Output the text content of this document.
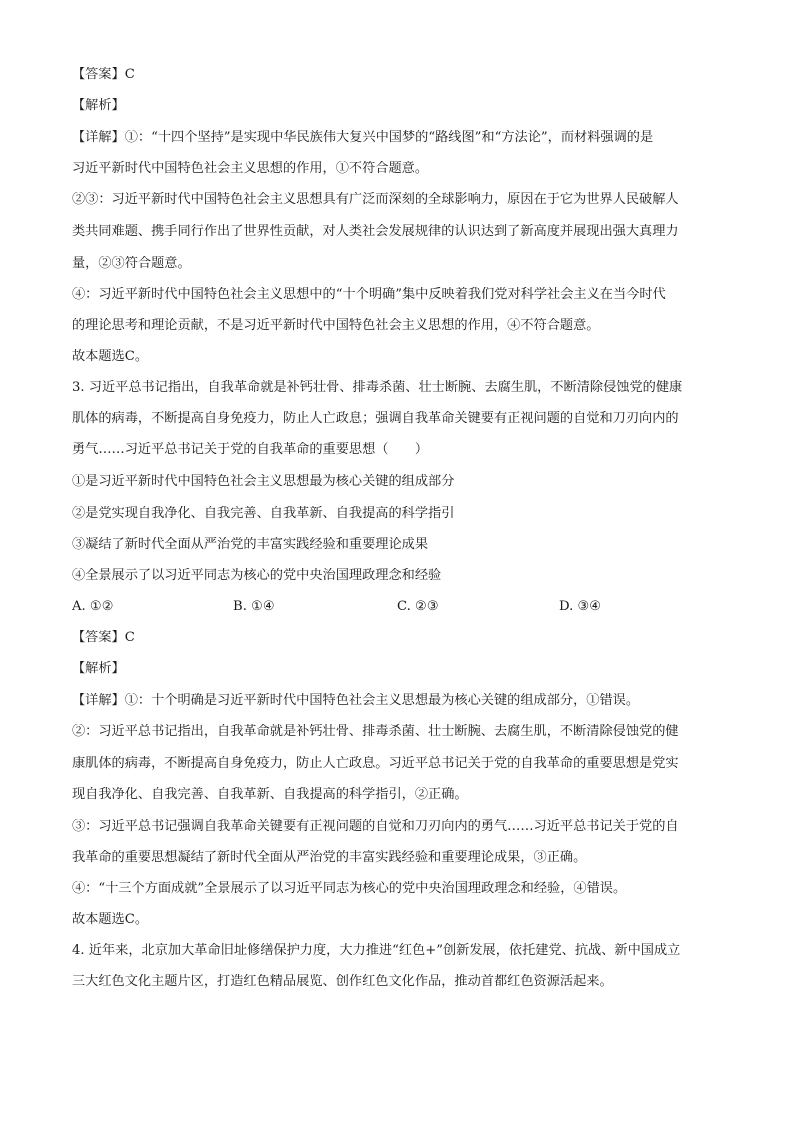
【答案】C
【解析】
【详解】①：“十四个坚持”是实现中华民族伟大复兴中国梦的“路线图”和“方法论”，而材料强调的是
习近平新时代中国特色社会主义思想的作用，①不符合题意。
②③：习近平新时代中国特色社会主义思想具有广泛而深刻的全球影响力，原因在于它为世界人民破解人
类共同难题、携手同行作出了世界性贡献，对人类社会发展规律的认识达到了新高度并展现出强大真理力
量，②③符合题意。
④：习近平新时代中国特色社会主义思想中的“十个明确”集中反映着我们党对科学社会主义在当今时代
的理论思考和理论贡献，不是习近平新时代中国特色社会主义思想的作用，④不符合题意。
故本题选C。
3. 习近平总书记指出，自我革命就是补钙壮骨、排毒杀菌、壮士断腕、去腐生肌，不断清除侵蚀党的健康
肌体的病毒，不断提高自身免疫力，防止人亡政息；强调自我革命关键要有正视问题的自觉和刀刃向内的
勇气……习近平总书记关于党的自我革命的重要思想（　　）
①是习近平新时代中国特色社会主义思想最为核心关键的组成部分
②是党实现自我净化、自我完善、自我革新、自我提高的科学指引
③凝结了新时代全面从严治党的丰富实践经验和重要理论成果
④全景展示了以习近平同志为核心的党中央治国理政理念和经验
A. ①②	B. ①④	C. ②③	D. ③④
【答案】C
【解析】
【详解】①：十个明确是习近平新时代中国特色社会主义思想最为核心关键的组成部分，①错误。
②：习近平总书记指出，自我革命就是补钙壮骨、排毒杀菌、壮士断腕、去腐生肌，不断清除侵蚀党的健
康肌体的病毒，不断提高自身免疫力，防止人亡政息。习近平总书记关于党的自我革命的重要思想是党实
现自我净化、自我完善、自我革新、自我提高的科学指引，②正确。
③：习近平总书记强调自我革命关键要有正视问题的自觉和刀刃向内的勇气……习近平总书记关于党的自
我革命的重要思想凝结了新时代全面从严治党的丰富实践经验和重要理论成果，③正确。
④：“十三个方面成就”全景展示了以习近平同志为核心的党中央治国理政理念和经验，④错误。
故本题选C。
4. 近年来，北京加大革命旧址修缮保护力度，大力推进“红色+”创新发展，依托建党、抗战、新中国成立
三大红色文化主题片区，打造红色精品展览、创作红色文化作品，推动首都红色资源活起来。
